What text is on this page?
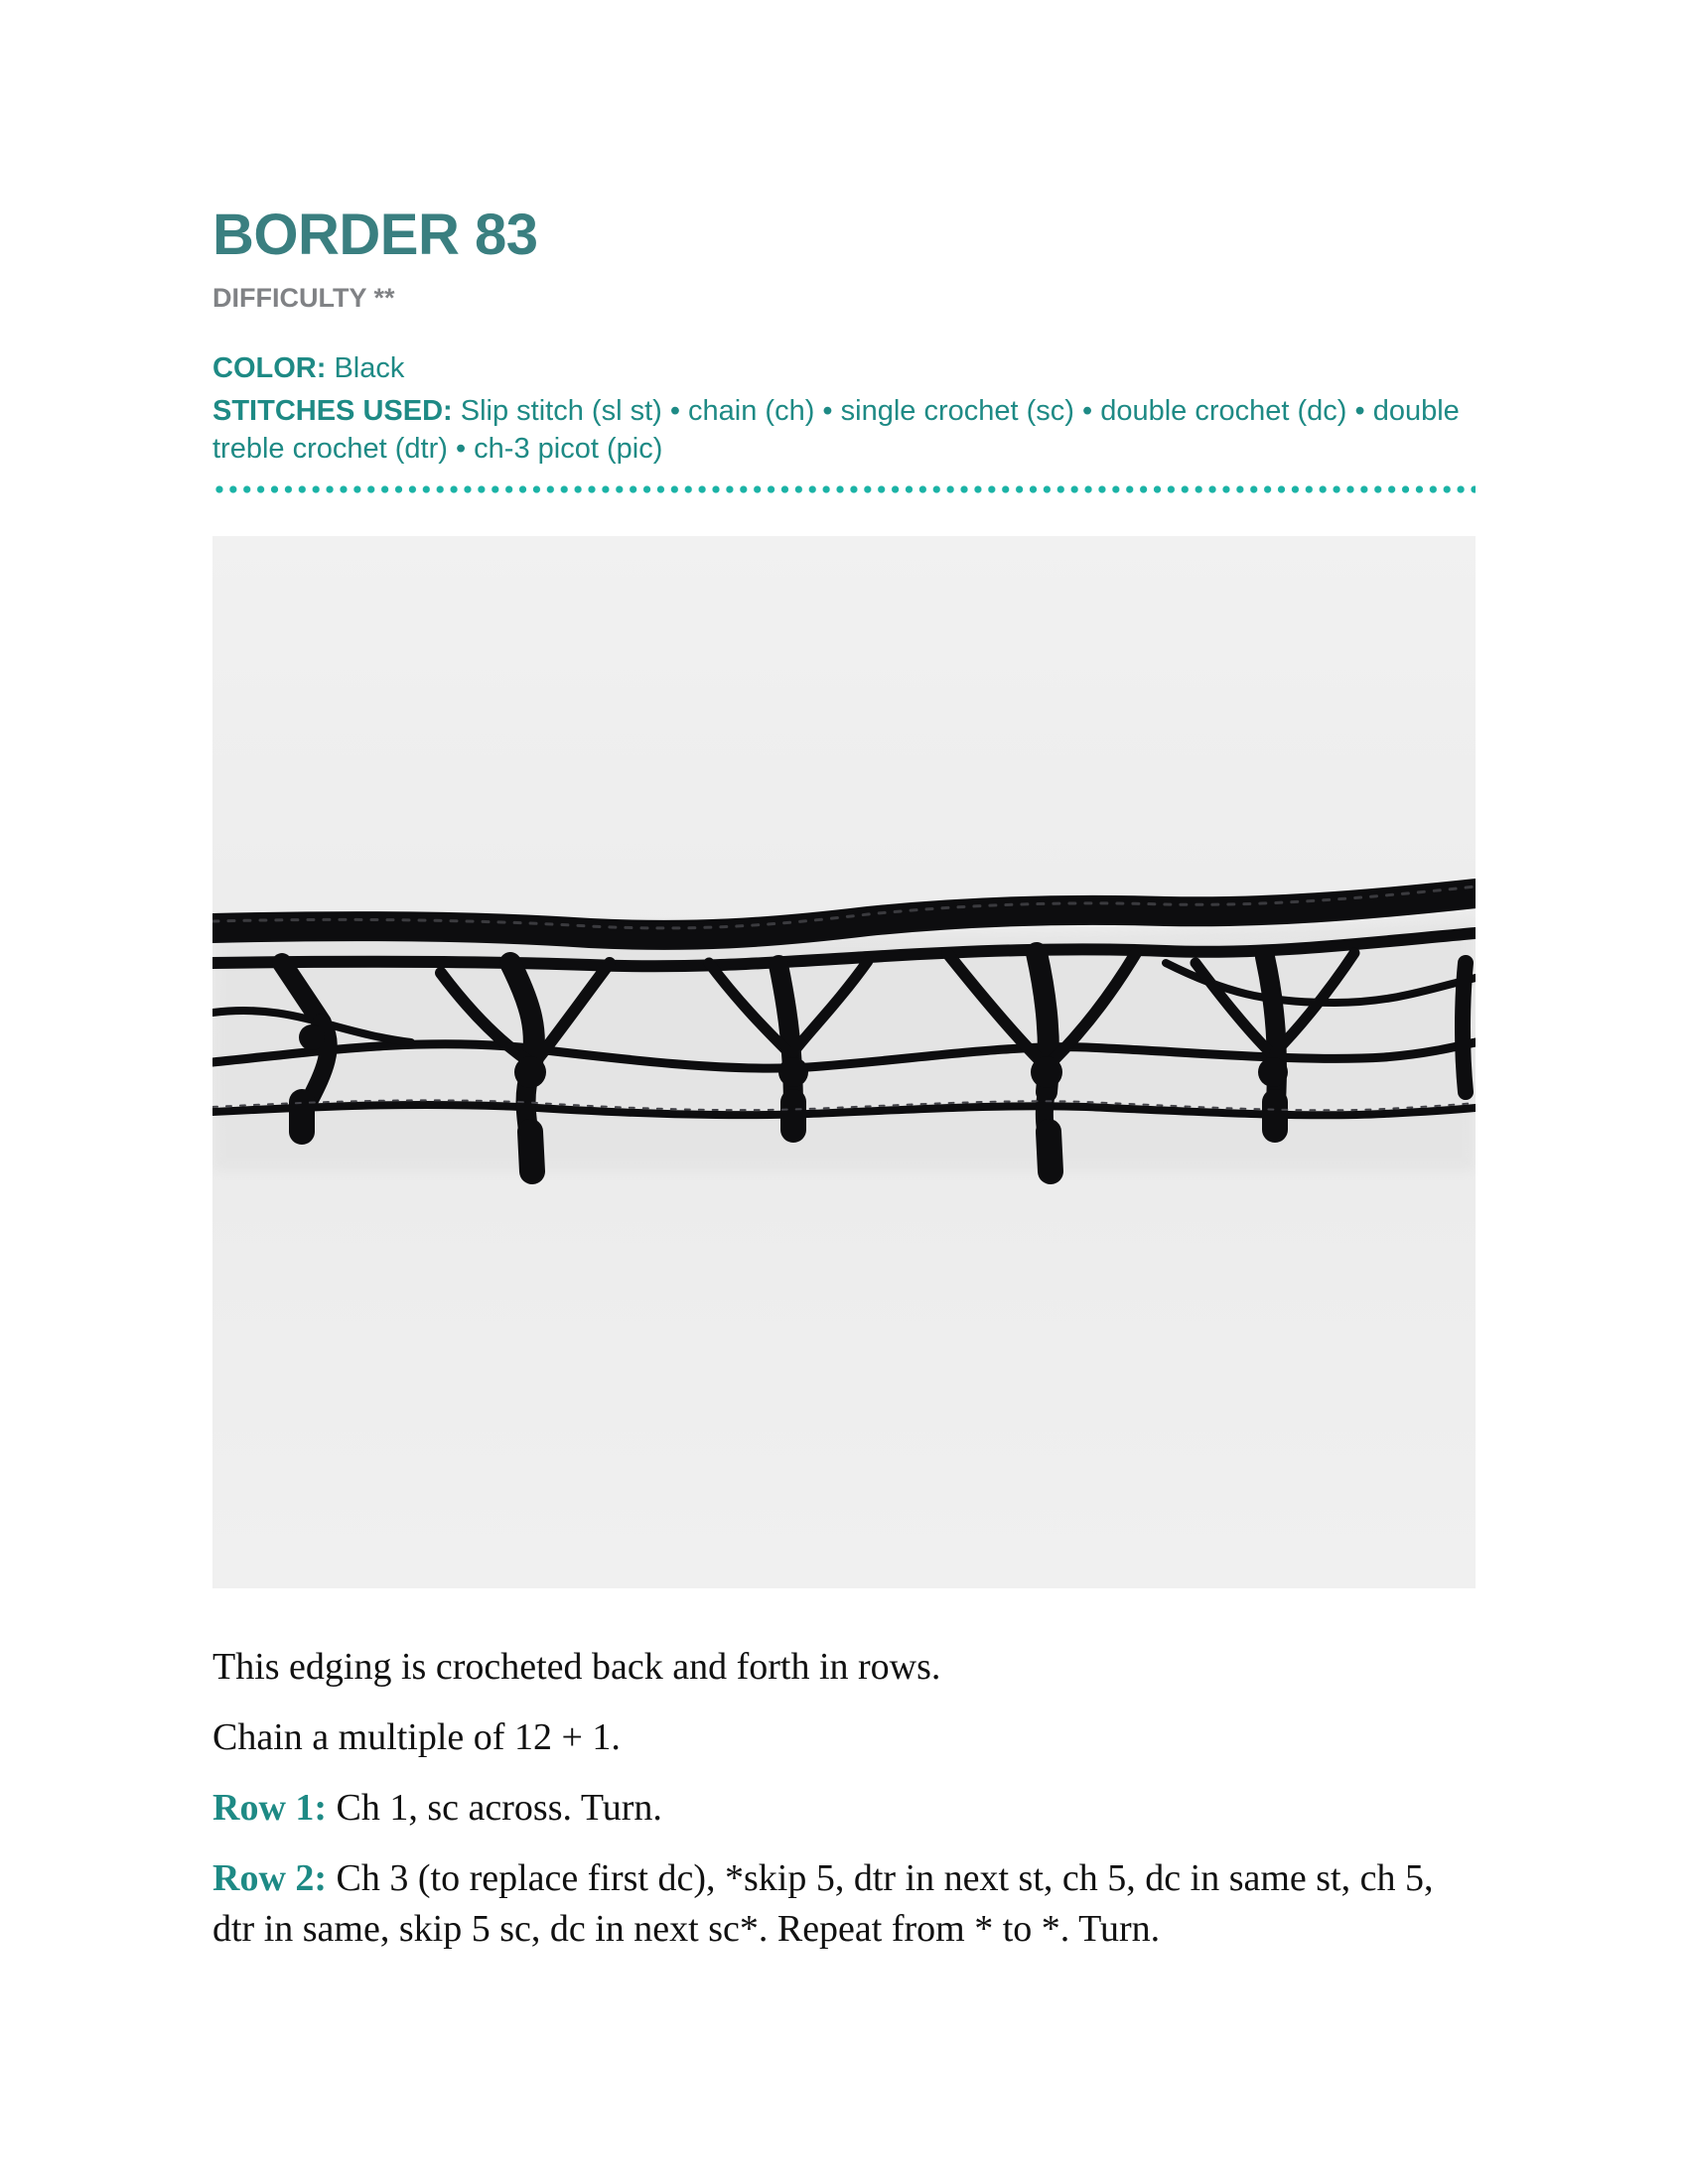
BORDER 83
DIFFICULTY **
COLOR: Black
STITCHES USED: Slip stitch (sl st) • chain (ch) • single crochet (sc) • double crochet (dc) • double treble crochet (dtr) • ch-3 picot (pic)

This edging is crocheted back and forth in rows.

Chain a multiple of 12 + 1.

Row 1: Ch 1, sc across. Turn.

Row 2: Ch 3 (to replace first dc), *skip 5, dtr in next st, ch 5, dc in same st, ch 5, dtr in same, skip 5 sc, dc in next sc*. Repeat from * to *. Turn.
